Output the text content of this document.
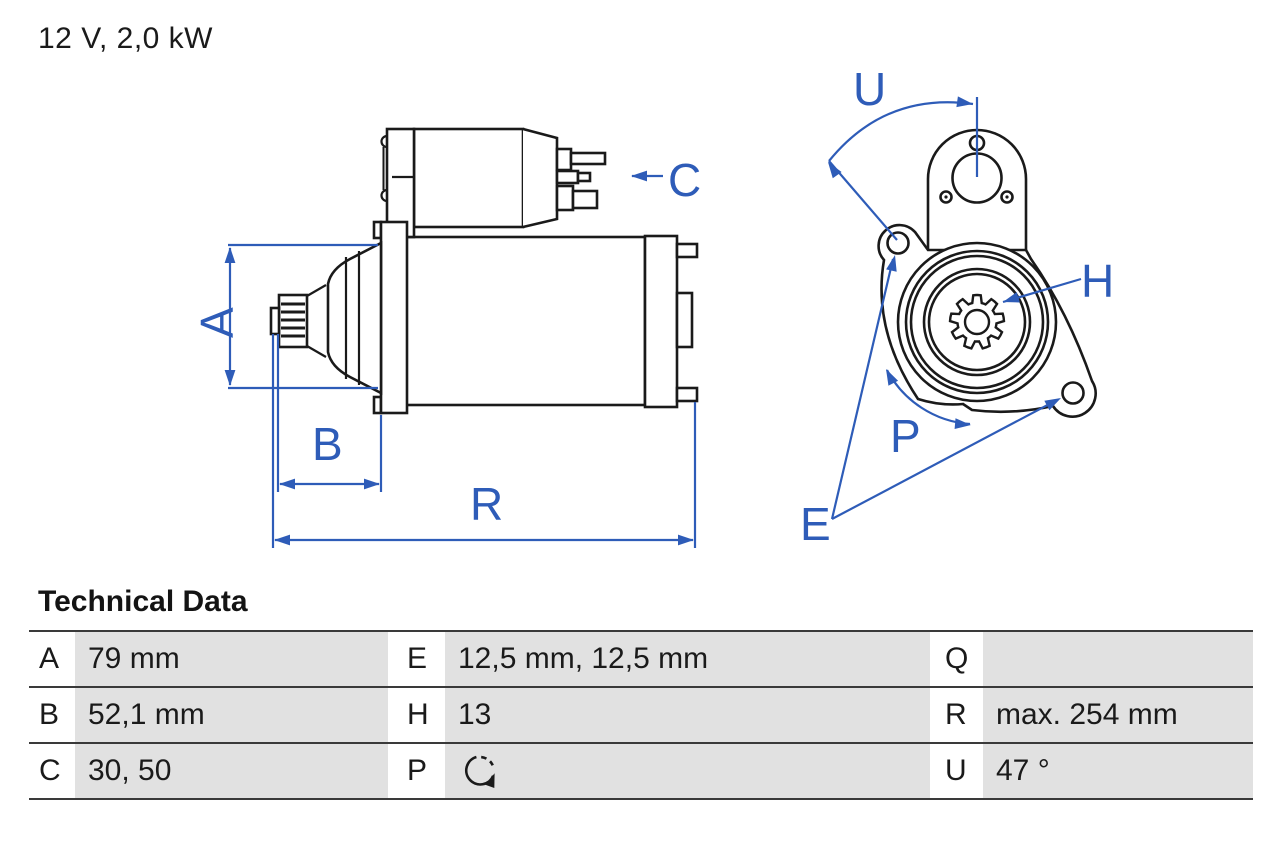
12 V, 2,0 kW
A
B
R
C
U
H
P
E
Technical Data
A 79 mm	E	12,5 mm, 12,5 mm	Q
B 52,1 mm	H 13	R max. 254 mm
C 30, 50	P	U 47 °
